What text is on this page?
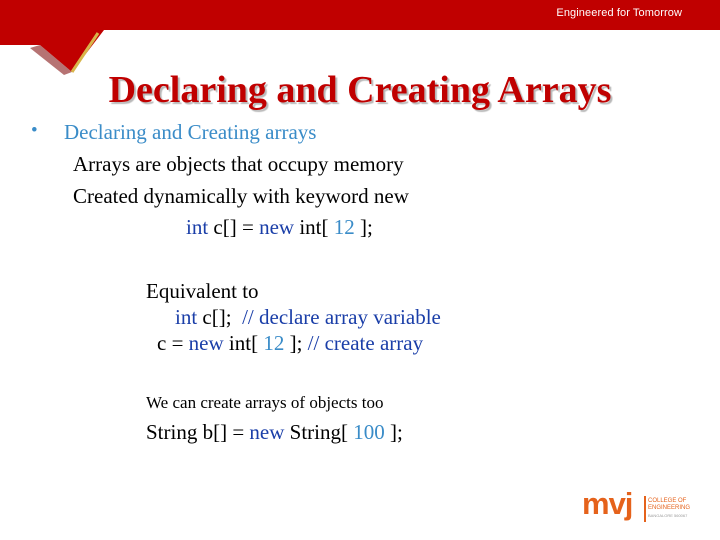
Engineered for Tomorrow
Declaring and Creating Arrays
• Declaring and Creating arrays
Arrays are objects that occupy memory
Created dynamically with keyword new
int c[] = new int[ 12 ];
Equivalent to
int c[];  // declare array variable
c = new int[ 12 ]; // create array
We can create arrays of objects too
String b[] = new String[ 100 ];
mvj	COLLEGE OF
ENGINEERING
BANGALORE 560067
